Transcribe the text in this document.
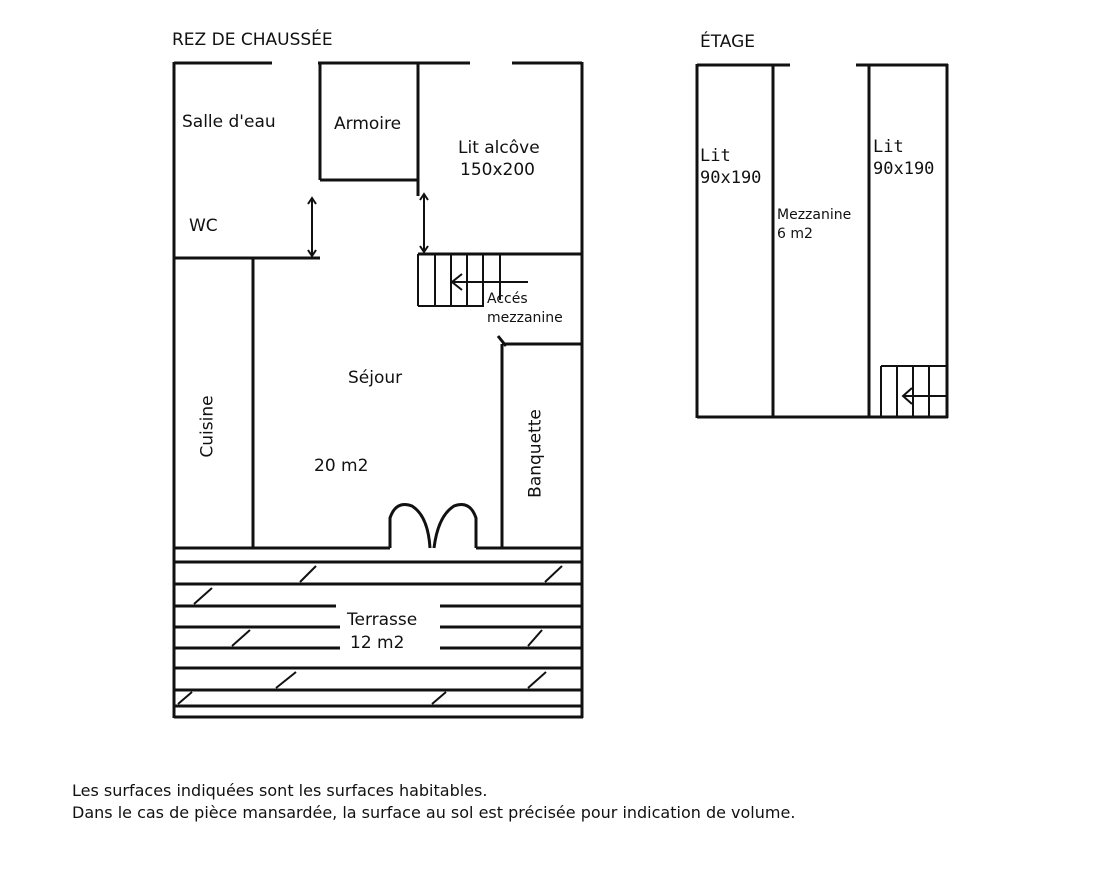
REZ DE CHAUSSÉE	ÉTAGE
Salle d'eau
WC
Armoire
Lit alcôve
150x200
Accés
mezzanine
Séjour
20 m2
Cuisine	Banquette
Terrasse
12 m2
Lit
90x190
Mezzanine
6 m2
Lit
90x190
Les surfaces indiquées sont les surfaces habitables.
Dans le cas de pièce mansardée, la surface au sol est précisée pour indication de volume.
